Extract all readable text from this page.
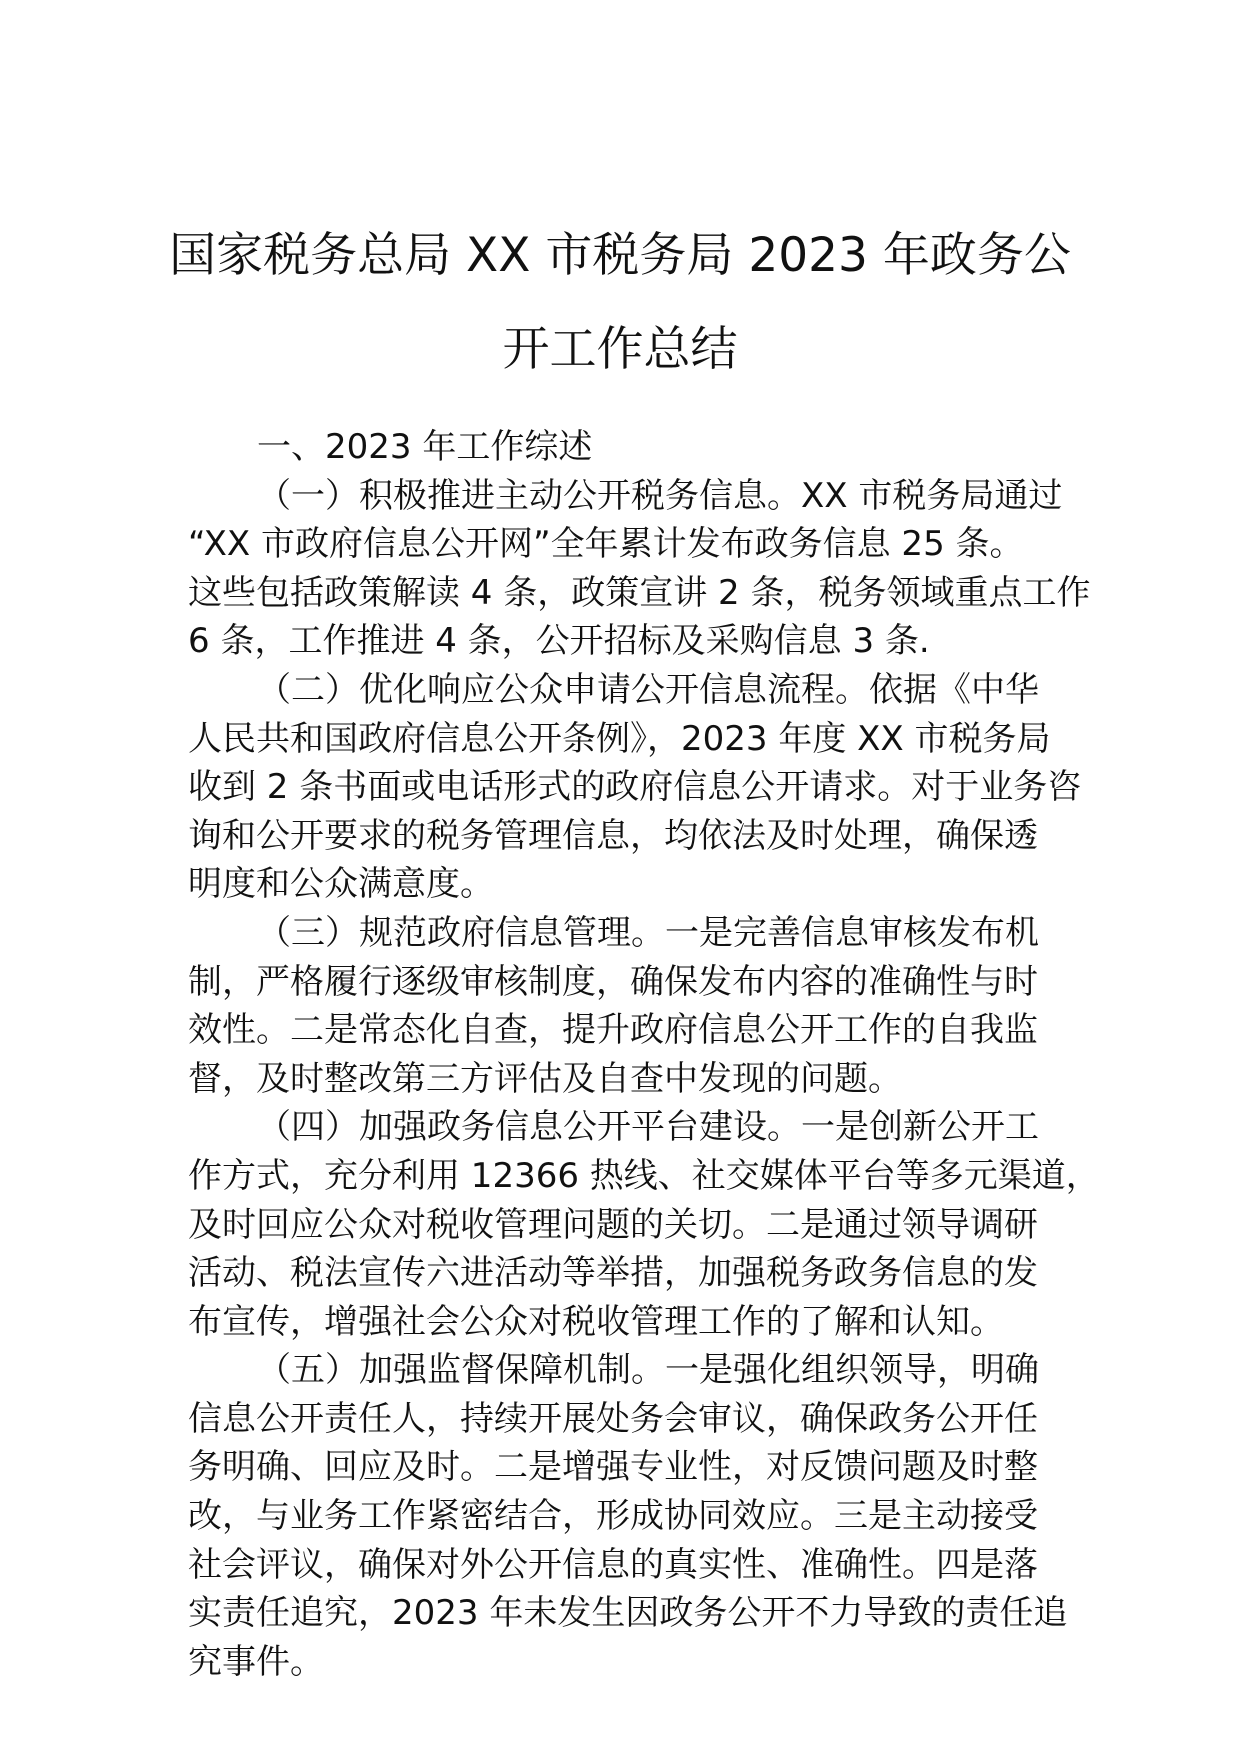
国家税务总局 XX 市税务局 2023 年政务公
开工作总结

一、2023 年工作综述

（一）积极推进主动公开税务信息。XX 市税务局通过

“XX 市政府信息公开网”全年累计发布政务信息 25 条。

这些包括政策解读 4 条，政策宣讲 2 条，税务领域重点工作

6 条，工作推进 4 条，公开招标及采购信息 3 条.

（二）优化响应公众申请公开信息流程。依据《中华

人民共和国政府信息公开条例》，2023 年度 XX 市税务局

收到 2 条书面或电话形式的政府信息公开请求。对于业务咨

询和公开要求的税务管理信息，均依法及时处理，确保透

明度和公众满意度。

（三）规范政府信息管理。一是完善信息审核发布机

制，严格履行逐级审核制度，确保发布内容的准确性与时

效性。二是常态化自查，提升政府信息公开工作的自我监

督，及时整改第三方评估及自查中发现的问题。

（四）加强政务信息公开平台建设。一是创新公开工

作方式，充分利用 12366 热线、社交媒体平台等多元渠道，

及时回应公众对税收管理问题的关切。二是通过领导调研

活动、税法宣传六进活动等举措，加强税务政务信息的发

布宣传，增强社会公众对税收管理工作的了解和认知。

（五）加强监督保障机制。一是强化组织领导，明确

信息公开责任人，持续开展处务会审议，确保政务公开任

务明确、回应及时。二是增强专业性，对反馈问题及时整

改，与业务工作紧密结合，形成协同效应。三是主动接受

社会评议，确保对外公开信息的真实性、准确性。四是落

实责任追究，2023 年未发生因政务公开不力导致的责任追

究事件。
